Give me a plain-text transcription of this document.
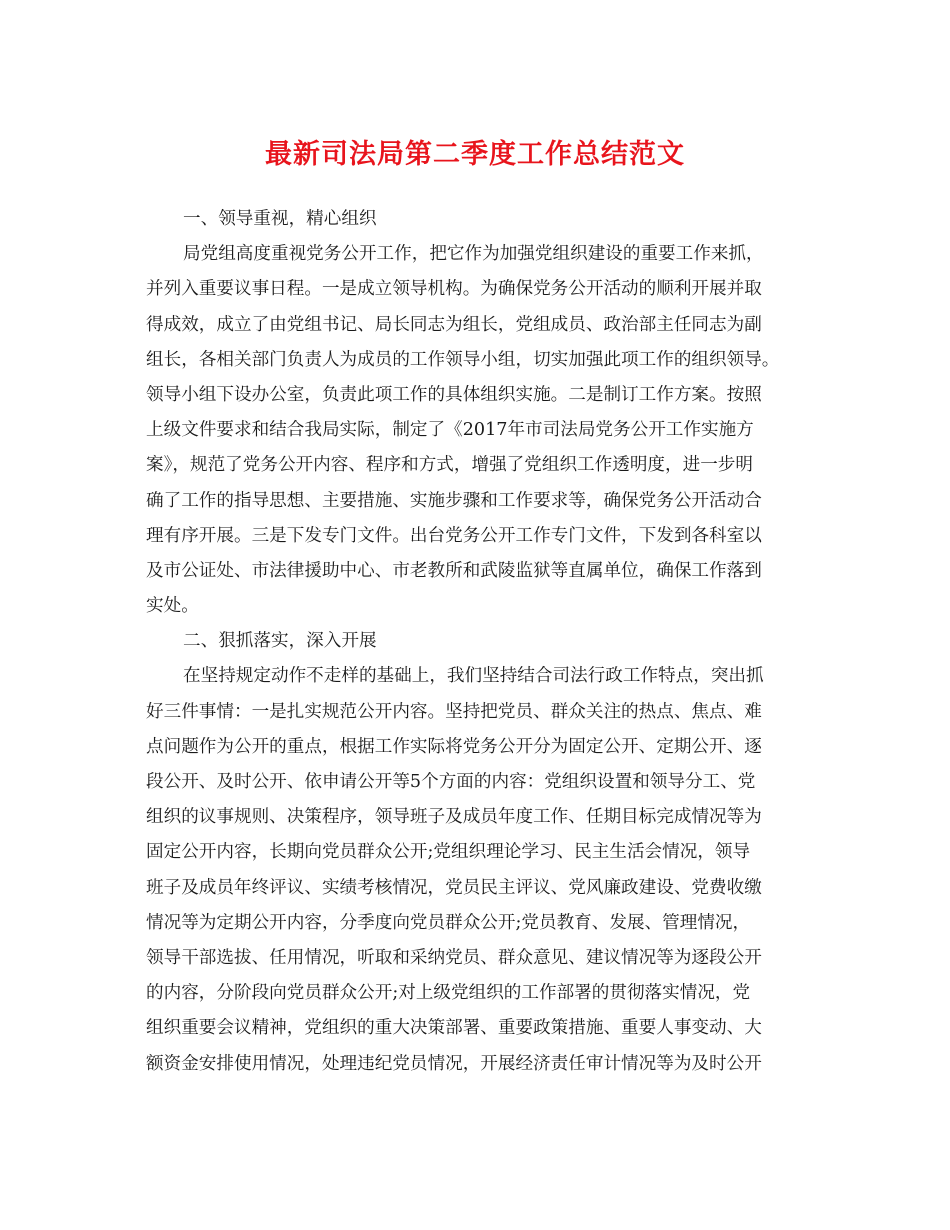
最新司法局第二季度工作总结范文
一、领导重视，精心组织
局党组高度重视党务公开工作，把它作为加强党组织建设的重要工作来抓，
并列入重要议事日程。一是成立领导机构。为确保党务公开活动的顺利开展并取
得成效，成立了由党组书记、局长同志为组长，党组成员、政治部主任同志为副
组长，各相关部门负责人为成员的工作领导小组，切实加强此项工作的组织领导。
领导小组下设办公室，负责此项工作的具体组织实施。二是制订工作方案。按照
上级文件要求和结合我局实际，制定了《2017年市司法局党务公开工作实施方
案》，规范了党务公开内容、程序和方式，增强了党组织工作透明度，进一步明
确了工作的指导思想、主要措施、实施步骤和工作要求等，确保党务公开活动合
理有序开展。三是下发专门文件。出台党务公开工作专门文件，下发到各科室以
及市公证处、市法律援助中心、市老教所和武陵监狱等直属单位，确保工作落到
实处。
二、狠抓落实，深入开展
在坚持规定动作不走样的基础上，我们坚持结合司法行政工作特点，突出抓
好三件事情：一是扎实规范公开内容。坚持把党员、群众关注的热点、焦点、难
点问题作为公开的重点，根据工作实际将党务公开分为固定公开、定期公开、逐
段公开、及时公开、依申请公开等5个方面的内容：党组织设置和领导分工、党
组织的议事规则、决策程序，领导班子及成员年度工作、任期目标完成情况等为
固定公开内容，长期向党员群众公开;党组织理论学习、民主生活会情况，领导
班子及成员年终评议、实绩考核情况，党员民主评议、党风廉政建设、党费收缴
情况等为定期公开内容，分季度向党员群众公开;党员教育、发展、管理情况，
领导干部选拔、任用情况，听取和采纳党员、群众意见、建议情况等为逐段公开
的内容，分阶段向党员群众公开;对上级党组织的工作部署的贯彻落实情况，党
组织重要会议精神，党组织的重大决策部署、重要政策措施、重要人事变动、大
额资金安排使用情况，处理违纪党员情况，开展经济责任审计情况等为及时公开
